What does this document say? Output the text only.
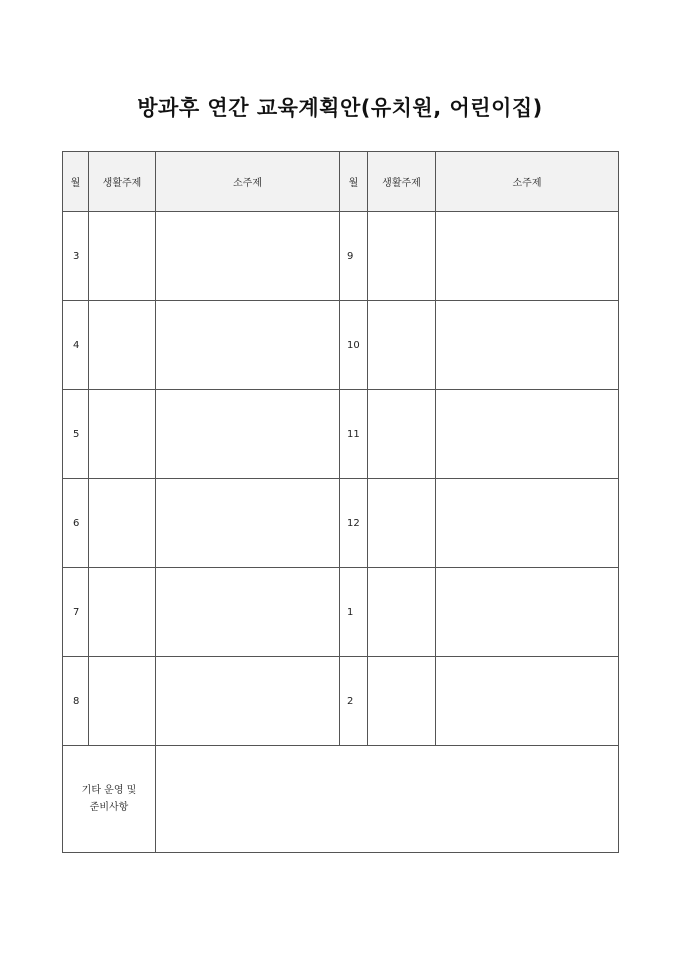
방과후 연간 교육계획안(유치원, 어린이집)
월	생활주제	소주제	월	생활주제	소주제
3			9		
4			10		
5			11		
6			12		
7			1		
8			2		

기타 운영 및
준비사항					
